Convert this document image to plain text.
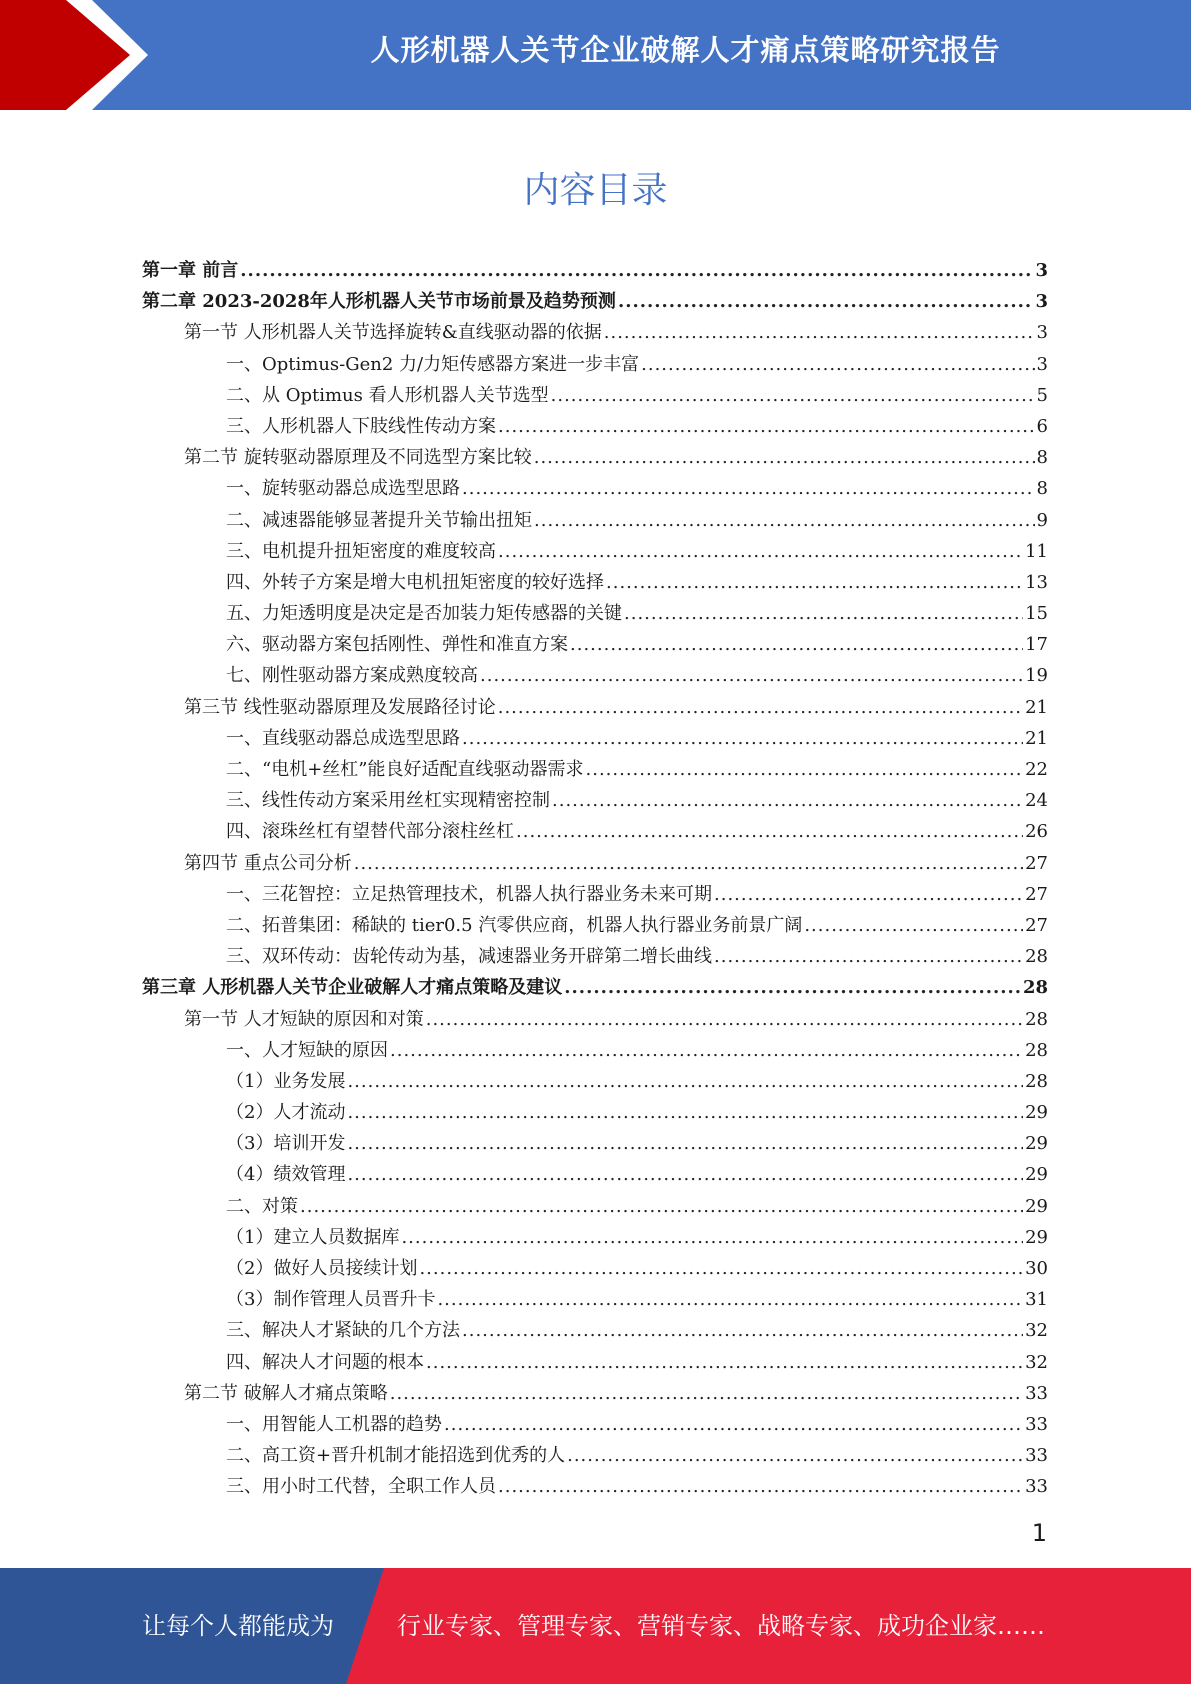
人形机器人关节企业破解人才痛点策略研究报告
内容目录
第一章 前言 .....	3
第二章 2023-2028年人形机器人关节市场前景及趋势预测 .....	3
第一节 人形机器人关节选择旋转&直线驱动器的依据 .....	3
一、Optimus-Gen2 力/力矩传感器方案进一步丰富 .....	3
二、从 Optimus 看人形机器人关节选型 .....	5
三、人形机器人下肢线性传动方案 .....	6
第二节 旋转驱动器原理及不同选型方案比较 .....	8
一、旋转驱动器总成选型思路 .....	8
二、减速器能够显著提升关节输出扭矩 .....	9
三、电机提升扭矩密度的难度较高 .....	11
四、外转子方案是增大电机扭矩密度的较好选择 .....	13
五、力矩透明度是决定是否加装力矩传感器的关键 .....	15
六、驱动器方案包括刚性、弹性和准直方案 .....	17
七、刚性驱动器方案成熟度较高 .....	19
第三节 线性驱动器原理及发展路径讨论 .....	21
一、直线驱动器总成选型思路 .....	21
二、“电机+丝杠”能良好适配直线驱动器需求 .....	22
三、线性传动方案采用丝杠实现精密控制 .....	24
四、滚珠丝杠有望替代部分滚柱丝杠 .....	26
第四节 重点公司分析 .....	27
一、三花智控：立足热管理技术，机器人执行器业务未来可期 .....	27
二、拓普集团：稀缺的 tier0.5 汽零供应商，机器人执行器业务前景广阔 .....	27
三、双环传动：齿轮传动为基，减速器业务开辟第二增长曲线 .....	28
第三章 人形机器人关节企业破解人才痛点策略及建议 .....	28
第一节 人才短缺的原因和对策 .....	28
一、人才短缺的原因 .....	28
（1）业务发展 .....	28
（2）人才流动 .....	29
（3）培训开发 .....	29
（4）绩效管理 .....	29
二、对策 .....	29
（1）建立人员数据库 .....	29
（2）做好人员接续计划 .....	30
（3）制作管理人员晋升卡 .....	31
三、解决人才紧缺的几个方法 .....	32
四、解决人才问题的根本 .....	32
第二节 破解人才痛点策略 .....	33
一、用智能人工机器的趋势 .....	33
二、高工资+晋升机制才能招选到优秀的人 .....	33
三、用小时工代替，全职工作人员 .....	33
1
让每个人都能成为	行业专家、管理专家、营销专家、战略专家、成功企业家……
